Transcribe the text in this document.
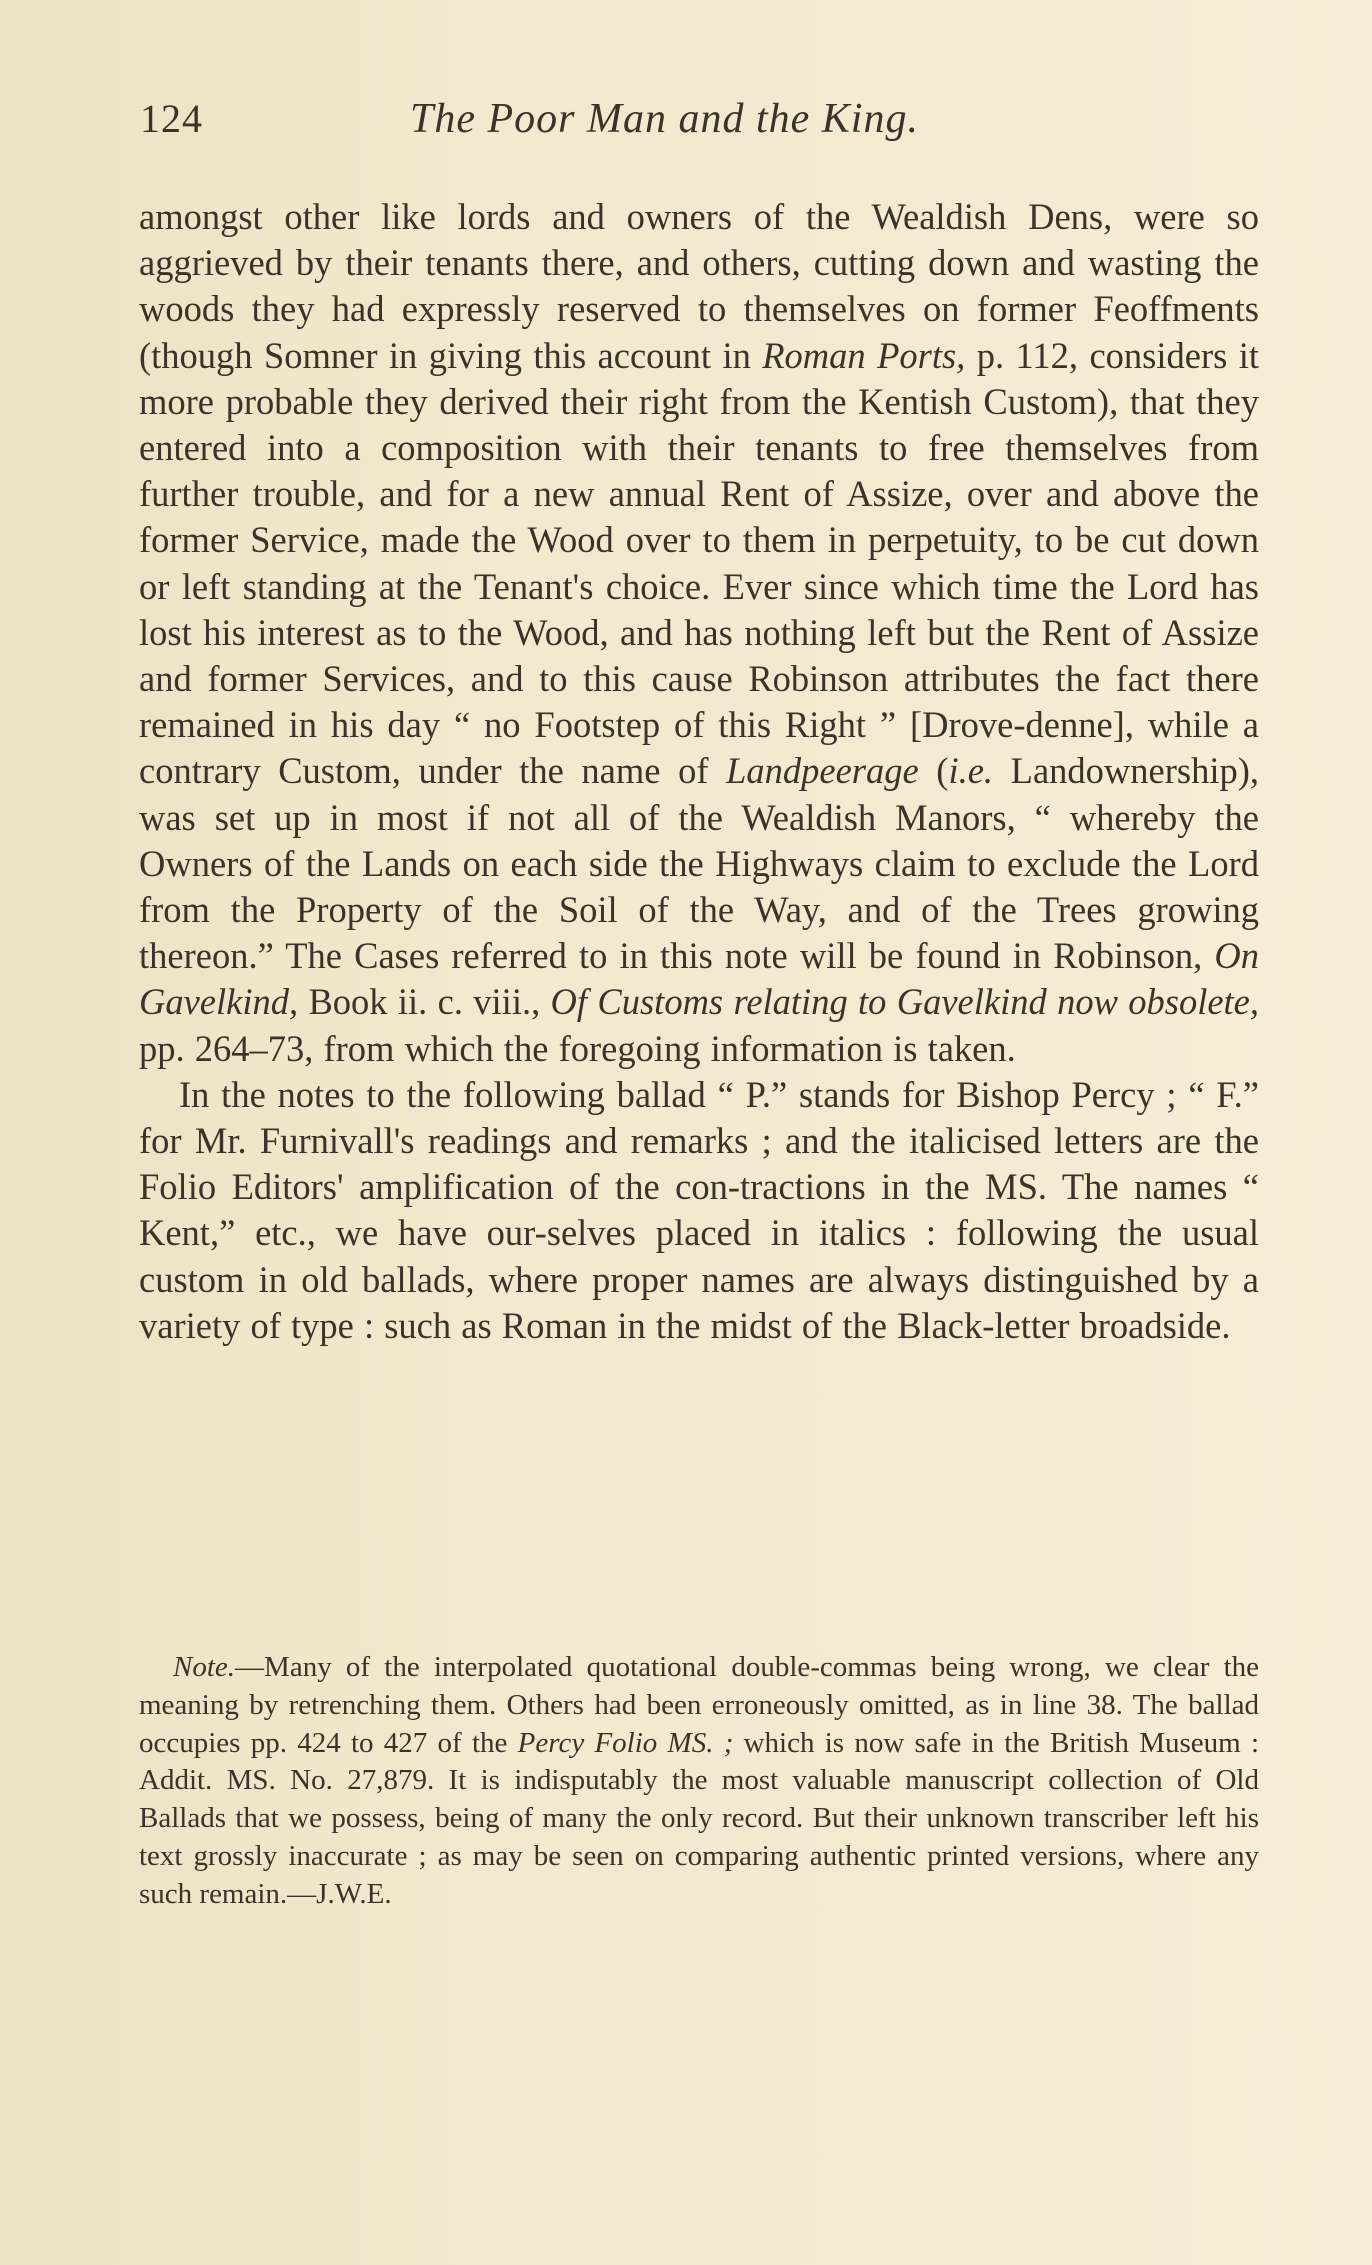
124	The Poor Man and the King.

amongst other like lords and owners of the Wealdish Dens, were so aggrieved by their tenants there, and others, cutting down and wasting the woods they had expressly reserved to themselves on former Feoffments (though Somner in giving this account in Roman Ports, p. 112, considers it more probable they derived their right from the Kentish Custom), that they entered into a composition with their tenants to free themselves from further trouble, and for a new annual Rent of Assize, over and above the former Service, made the Wood over to them in perpetuity, to be cut down or left standing at the Tenant's choice. Ever since which time the Lord has lost his interest as to the Wood, and has nothing left but the Rent of Assize and former Services, and to this cause Robinson attributes the fact there remained in his day “ no Footstep of this Right ” [Drove-denne], while a contrary Custom, under the name of Landpeerage (i.e. Landownership), was set up in most if not all of the Wealdish Manors, “ whereby the Owners of the Lands on each side the Highways claim to exclude the Lord from the Property of the Soil of the Way, and of the Trees growing thereon.” The Cases referred to in this note will be found in Robinson, On Gavelkind, Book ii. c. viii., Of Customs relating to Gavelkind now obsolete, pp. 264–73, from which the foregoing information is taken.

In the notes to the following ballad “ P.” stands for Bishop Percy ; “ F.” for Mr. Furnivall's readings and remarks ; and the italicised letters are the Folio Editors' amplification of the con-tractions in the MS. The names “ Kent,” etc., we have our-selves placed in italics : following the usual custom in old ballads, where proper names are always distinguished by a variety of type : such as Roman in the midst of the Black-letter broadside.

Note.—Many of the interpolated quotational double-commas being wrong, we clear the meaning by retrenching them. Others had been erroneously omitted, as in line 38. The ballad occupies pp. 424 to 427 of the Percy Folio MS. ; which is now safe in the British Museum : Addit. MS. No. 27,879. It is indisputably the most valuable manuscript collection of Old Ballads that we possess, being of many the only record. But their unknown transcriber left his text grossly inaccurate ; as may be seen on comparing authentic printed versions, where any such remain.—J.W.E.
